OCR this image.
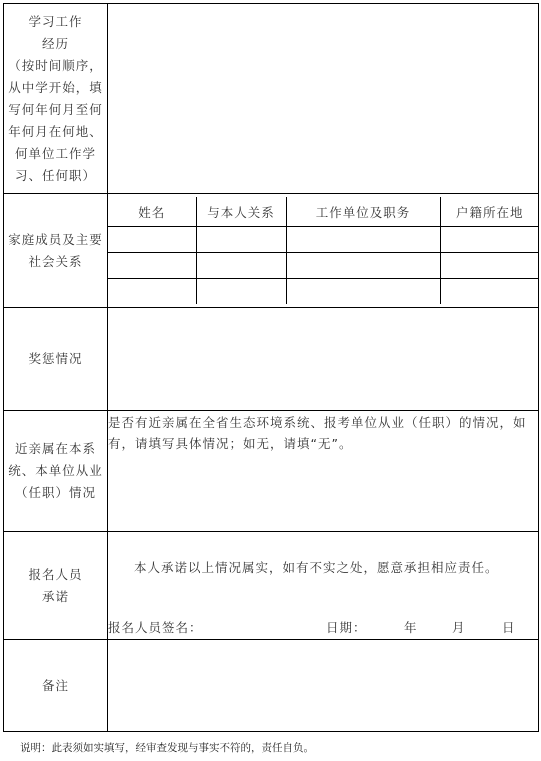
学习工作
经历
（按时间顺序，
从中学开始，填
写何年何月至何
年何月在何地、
何单位工作学
习、任何职）

家庭成员及主要
社会关系

姓名	与本人关系	工作单位及职务	户籍所在地

奖惩情况	

近亲属在本系
统、本单位从业
（任职）情况

是否有近亲属在全省生态环境系统、报考单位从业（任职）的情况，如有，请填写具体情况；如无，请填“无”。

报名人员
承诺

本人承诺以上情况属实，如有不实之处，愿意承担相应责任。
报名人员签名：	日期：	年	月	日

备注	
说明：此表须如实填写，经审查发现与事实不符的，责任自负。
